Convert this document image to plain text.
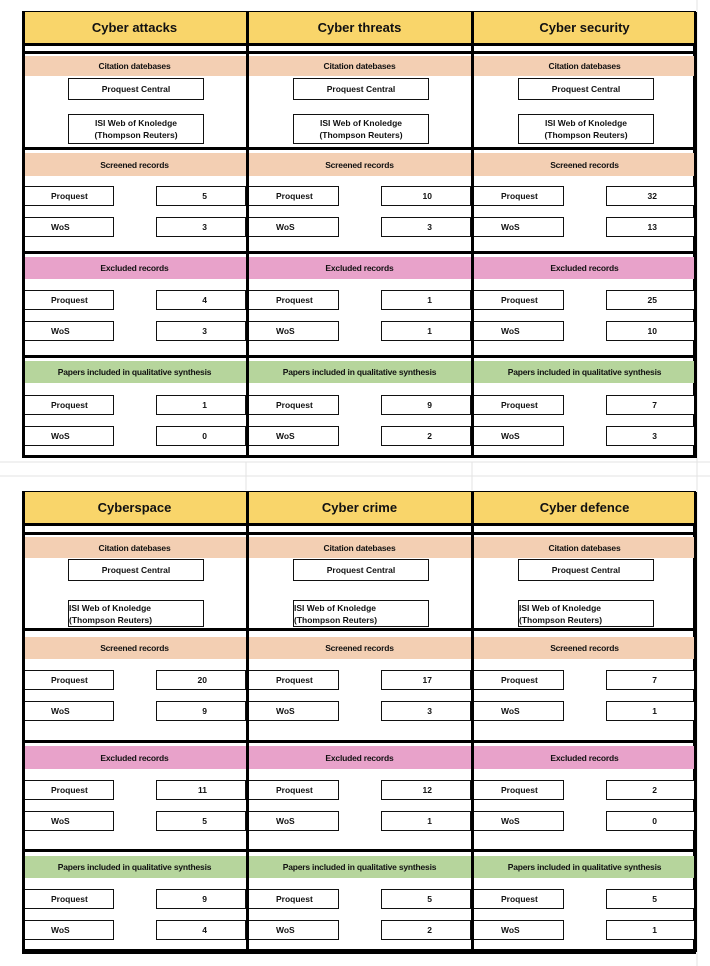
Cyber attacks
Citation datebases
Screened records
Excluded records
Papers included in qualitative synthesis
Proquest Central
ISI Web of Knoledge
(Thompson Reuters)
Proquest	5
WoS	3
Proquest	4
WoS	3
Proquest	1
WoS	0
Cyber threats
Citation datebases
Screened records
Excluded records
Papers included in qualitative synthesis
Proquest Central
ISI Web of Knoledge
(Thompson Reuters)
Proquest	10
WoS	3
Proquest	1
WoS	1
Proquest	9
WoS	2
Cyber security
Citation datebases
Screened records
Excluded records
Papers included in qualitative synthesis
Proquest Central
ISI Web of Knoledge
(Thompson Reuters)
Proquest	32
WoS	13
Proquest	25
WoS	10
Proquest	7
WoS	3
Cyberspace
Citation datebases
Screened records
Excluded records
Papers included in qualitative synthesis
Proquest Central
ISI Web of Knoledge
(Thompson Reuters)
Proquest	20
WoS	9
Proquest	11
WoS	5
Proquest	9
WoS	4
Cyber crime
Citation datebases
Screened records
Excluded records
Papers included in qualitative synthesis
Proquest Central
ISI Web of Knoledge
(Thompson Reuters)
Proquest	17
WoS	3
Proquest	12
WoS	1
Proquest	5
WoS	2
Cyber defence
Citation datebases
Screened records
Excluded records
Papers included in qualitative synthesis
Proquest Central
ISI Web of Knoledge
(Thompson Reuters)
Proquest	7
WoS	1
Proquest	2
WoS	0
Proquest	5
WoS	1
